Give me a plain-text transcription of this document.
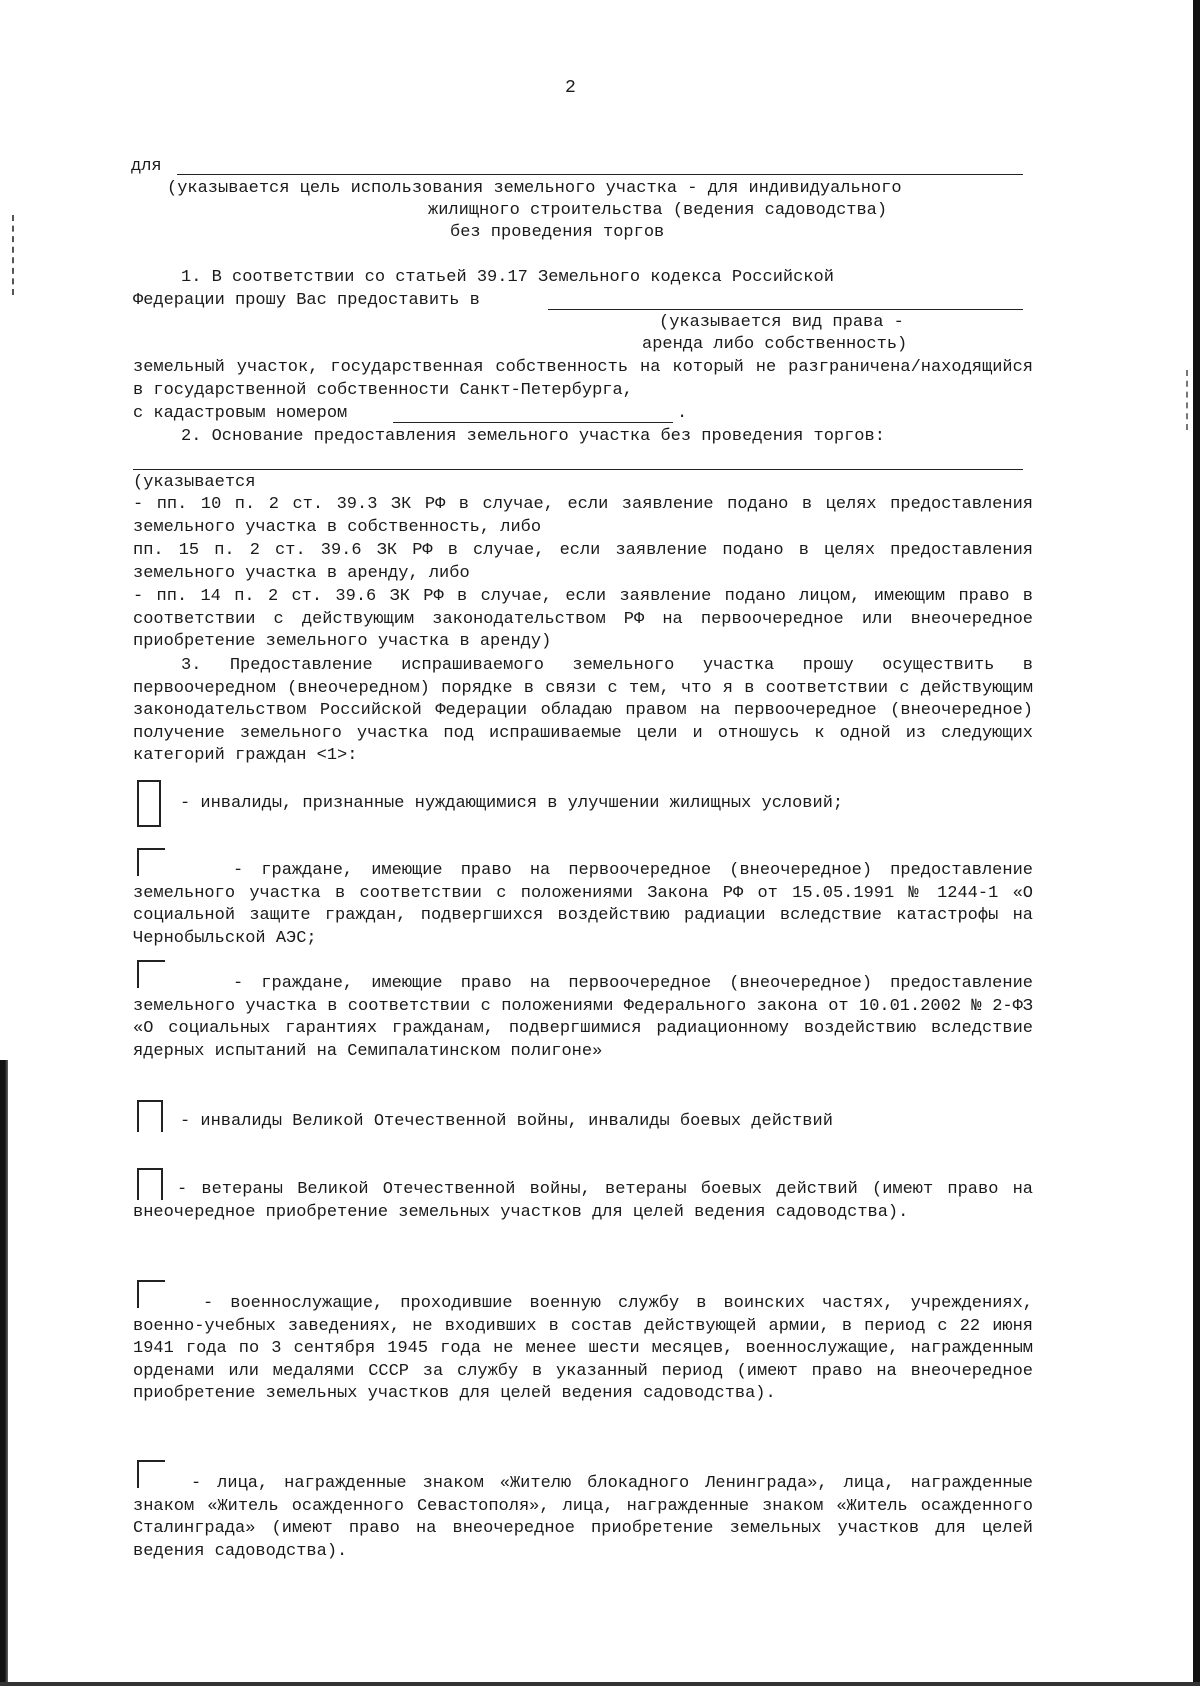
2
для
(указывается цель использования земельного участка - для индивидуального
жилищного строительства (ведения садоводства)
без проведения торгов
1. В соответствии со статьей 39.17 Земельного кодекса Российской
Федерации прошу Вас предоставить в
(указывается вид права -
аренда либо собственность)
земельный участок, государственная собственность на который не разграничена/находящийся в государственной собственности Санкт-Петербурга,
с кадастровым номером	.
2. Основание предоставления земельного участка без проведения торгов:
(указывается
- пп. 10 п. 2 ст. 39.3 ЗК РФ в случае, если заявление подано в целях предоставления земельного участка в собственность, либо
пп. 15 п. 2 ст. 39.6 ЗК РФ в случае, если заявление подано в целях предоставления земельного участка в аренду, либо
- пп. 14 п. 2 ст. 39.6 ЗК РФ в случае, если заявление подано лицом, имеющим право в соответствии с действующим законодательством РФ на первоочередное или внеочередное приобретение земельного участка в аренду)
3. Предоставление испрашиваемого земельного участка прошу осуществить в первоочередном (внеочередном) порядке в связи с тем, что я в соответствии с действующим законодательством Российской Федерации обладаю правом на первоочередное (внеочередное) получение земельного участка под испрашиваемые цели и отношусь к одной из следующих категорий граждан <1>:
- инвалиды, признанные нуждающимися в улучшении жилищных условий;
- граждане, имеющие право на первоочередное (внеочередное) предоставление земельного участка в соответствии с положениями Закона РФ от 15.05.1991 № 1244-1 «О социальной защите граждан, подвергшихся воздействию радиации вследствие катастрофы на Чернобыльской АЭС;
- граждане, имеющие право на первоочередное (внеочередное) предоставление земельного участка в соответствии с положениями Федерального закона от 10.01.2002 № 2-ФЗ «О социальных гарантиях гражданам, подвергшимися радиационному воздействию вследствие ядерных испытаний на Семипалатинском полигоне»
- инвалиды Великой Отечественной войны, инвалиды боевых действий
- ветераны Великой Отечественной войны, ветераны боевых действий (имеют право на внеочередное приобретение земельных участков для целей ведения садоводства).
- военнослужащие, проходившие военную службу в воинских частях, учреждениях, военно-учебных заведениях, не входивших в состав действующей армии, в период с 22 июня 1941 года по 3 сентября 1945 года не менее шести месяцев, военнослужащие, награжденным орденами или медалями СССР за службу в указанный период (имеют право на внеочередное приобретение земельных участков для целей ведения садоводства).
- лица, награжденные знаком «Жителю блокадного Ленинграда», лица, награжденные знаком «Житель осажденного Севастополя», лица, награжденные знаком «Житель осажденного Сталинграда» (имеют право на внеочередное приобретение земельных участков для целей ведения садоводства).
